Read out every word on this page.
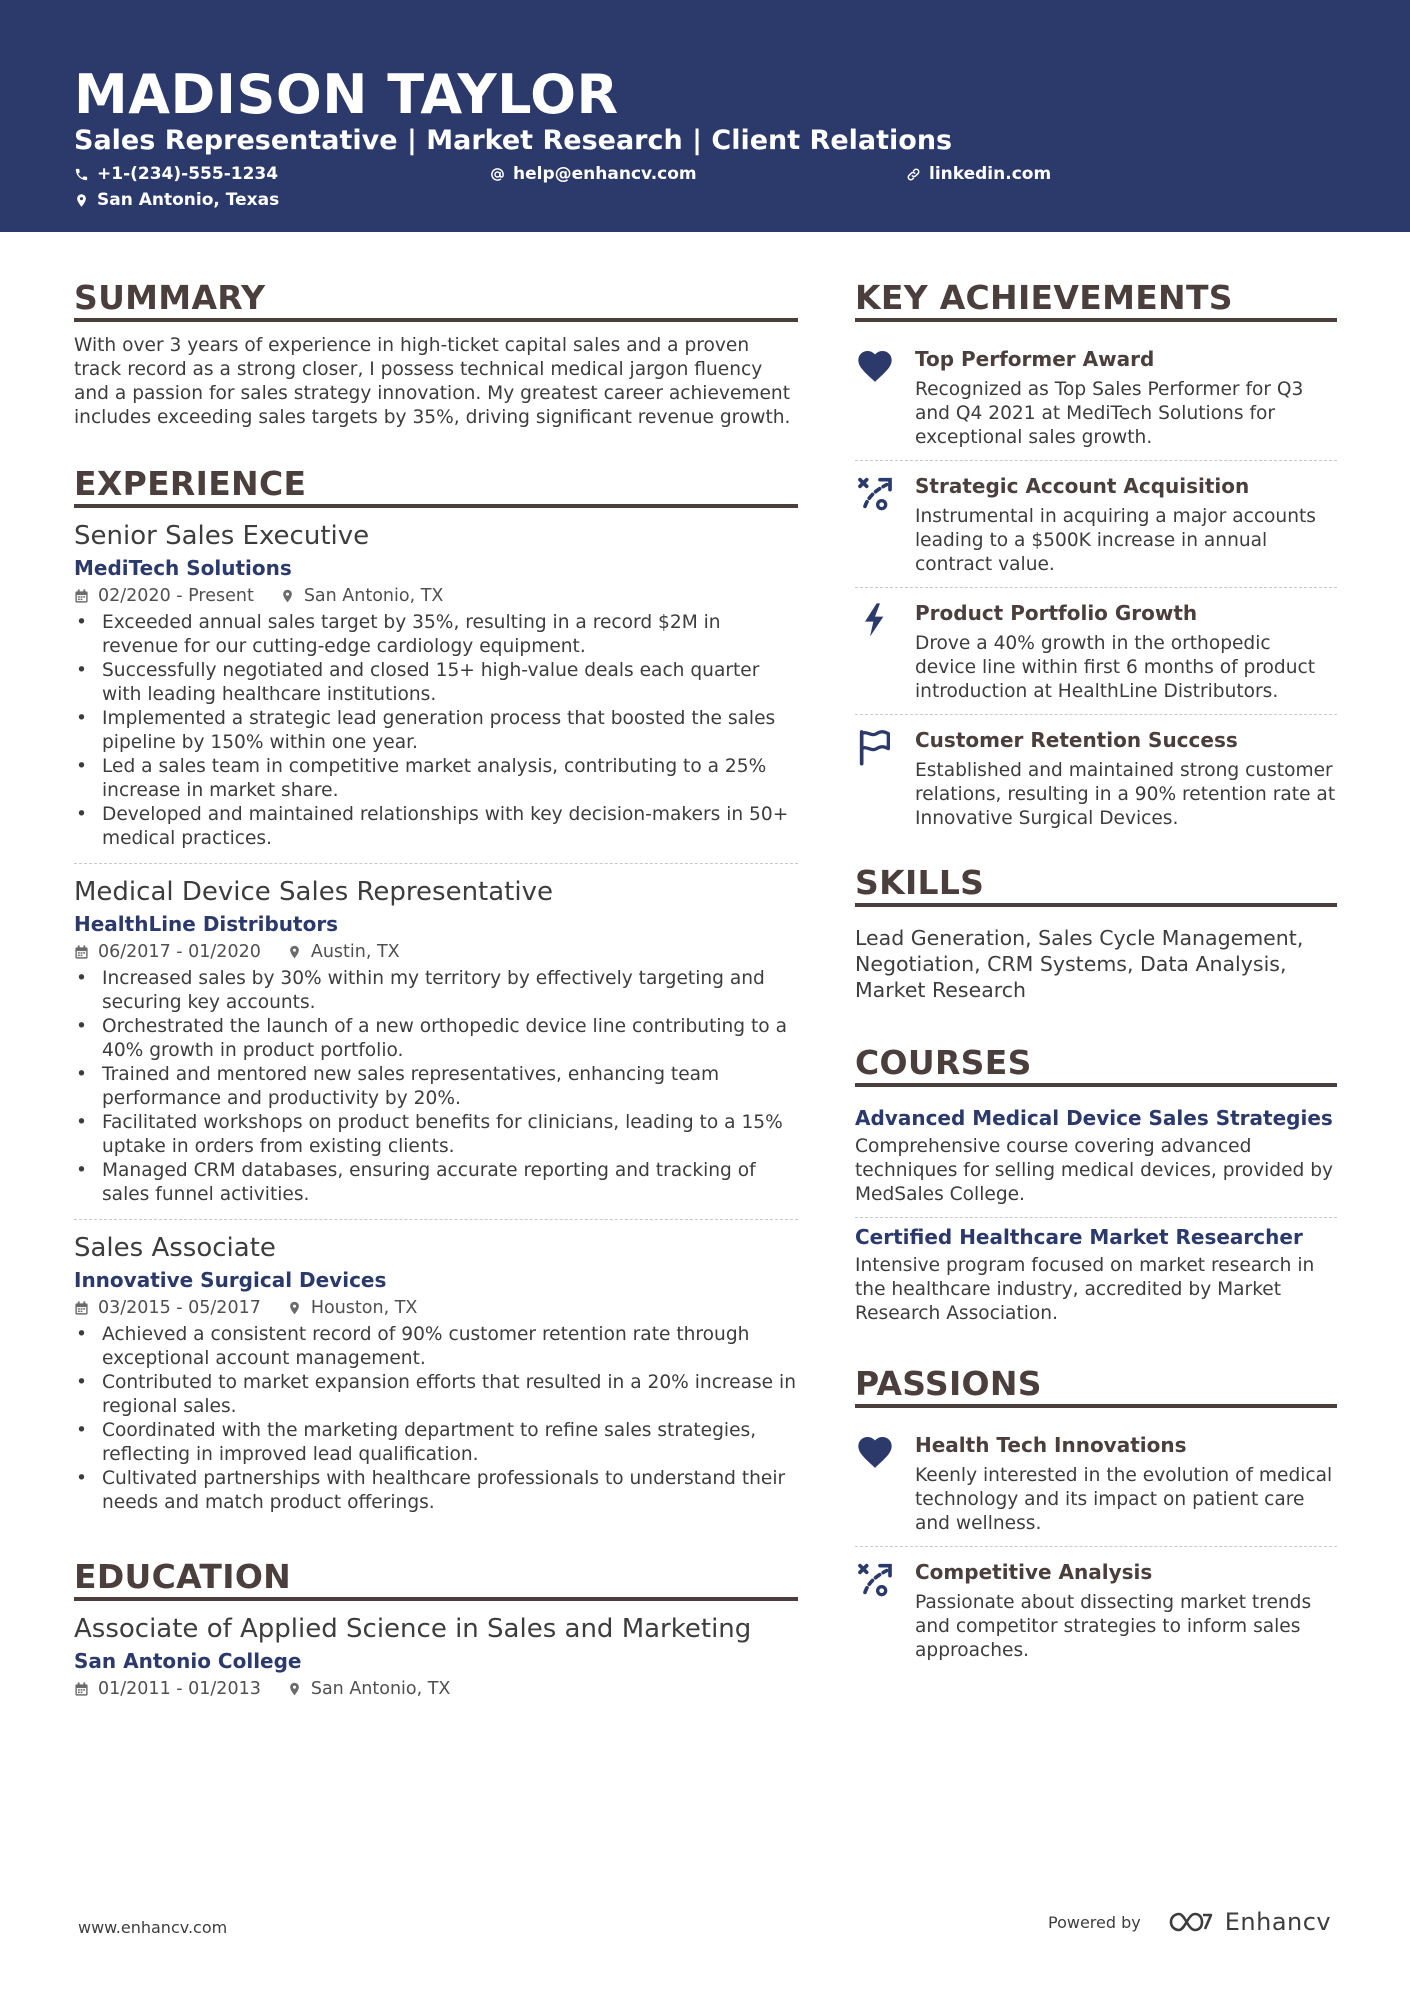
MADISON TAYLOR
Sales Representative | Market Research | Client Relations
+1-(234)-555-1234	help@enhancv.com	linkedin.com
San Antonio, Texas
SUMMARY
With over 3 years of experience in high-ticket capital sales and a proven track record as a strong closer, I possess technical medical jargon fluency and a passion for sales strategy innovation. My greatest career achievement includes exceeding sales targets by 35%, driving significant revenue growth.
EXPERIENCE
Senior Sales Executive
MediTech Solutions
02/2020 - Present	San Antonio, TX
• Exceeded annual sales target by 35%, resulting in a record $2M in revenue for our cutting-edge cardiology equipment.
• Successfully negotiated and closed 15+ high-value deals each quarter with leading healthcare institutions.
• Implemented a strategic lead generation process that boosted the sales pipeline by 150% within one year.
• Led a sales team in competitive market analysis, contributing to a 25% increase in market share.
• Developed and maintained relationships with key decision-makers in 50+ medical practices.
Medical Device Sales Representative
HealthLine Distributors
06/2017 - 01/2020	Austin, TX
• Increased sales by 30% within my territory by effectively targeting and securing key accounts.
• Orchestrated the launch of a new orthopedic device line contributing to a 40% growth in product portfolio.
• Trained and mentored new sales representatives, enhancing team performance and productivity by 20%.
• Facilitated workshops on product benefits for clinicians, leading to a 15% uptake in orders from existing clients.
• Managed CRM databases, ensuring accurate reporting and tracking of sales funnel activities.
Sales Associate
Innovative Surgical Devices
03/2015 - 05/2017	Houston, TX
• Achieved a consistent record of 90% customer retention rate through exceptional account management.
• Contributed to market expansion efforts that resulted in a 20% increase in regional sales.
• Coordinated with the marketing department to refine sales strategies, reflecting in improved lead qualification.
• Cultivated partnerships with healthcare professionals to understand their needs and match product offerings.
EDUCATION
Associate of Applied Science in Sales and Marketing
San Antonio College
01/2011 - 01/2013	San Antonio, TX
KEY ACHIEVEMENTS
Top Performer Award
Recognized as Top Sales Performer for Q3 and Q4 2021 at MediTech Solutions for exceptional sales growth.
Strategic Account Acquisition
Instrumental in acquiring a major accounts leading to a $500K increase in annual contract value.
Product Portfolio Growth
Drove a 40% growth in the orthopedic device line within first 6 months of product introduction at HealthLine Distributors.
Customer Retention Success
Established and maintained strong customer relations, resulting in a 90% retention rate at Innovative Surgical Devices.
SKILLS
Lead Generation, Sales Cycle Management, Negotiation, CRM Systems, Data Analysis, Market Research
COURSES
Advanced Medical Device Sales Strategies
Comprehensive course covering advanced techniques for selling medical devices, provided by MedSales College.
Certified Healthcare Market Researcher
Intensive program focused on market research in the healthcare industry, accredited by Market Research Association.
PASSIONS
Health Tech Innovations
Keenly interested in the evolution of medical technology and its impact on patient care and wellness.
Competitive Analysis
Passionate about dissecting market trends and competitor strategies to inform sales approaches.
www.enhancv.com	Powered by	Enhancv
